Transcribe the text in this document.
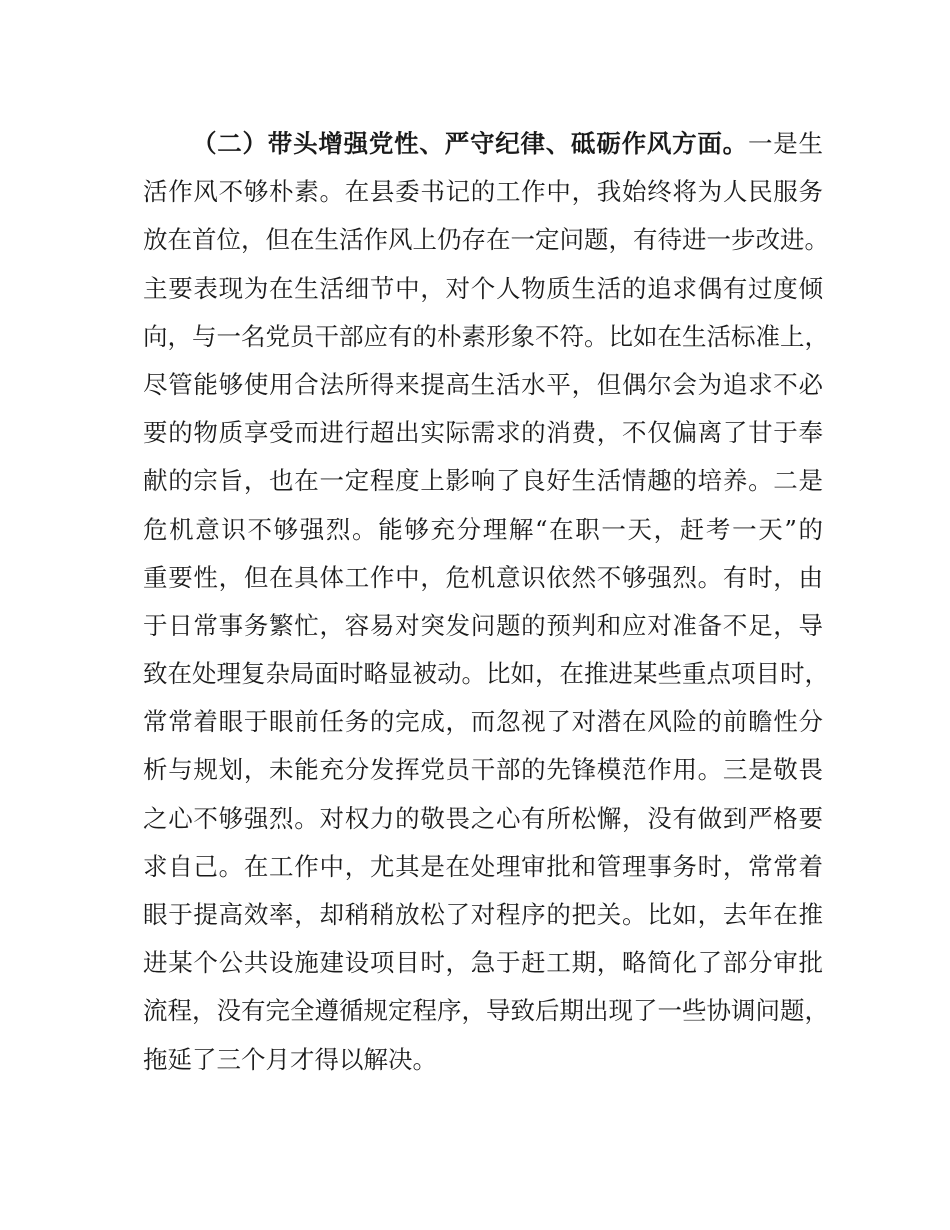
（二）带头增强党性、严守纪律、砥砺作风方面。一是生
活作风不够朴素。在县委书记的工作中，我始终将为人民服务
放在首位，但在生活作风上仍存在一定问题，有待进一步改进。
主要表现为在生活细节中，对个人物质生活的追求偶有过度倾
向，与一名党员干部应有的朴素形象不符。比如在生活标准上，
尽管能够使用合法所得来提高生活水平，但偶尔会为追求不必
要的物质享受而进行超出实际需求的消费，不仅偏离了甘于奉
献的宗旨，也在一定程度上影响了良好生活情趣的培养。二是
危机意识不够强烈。能够充分理解“在职一天，赶考一天”的
重要性，但在具体工作中，危机意识依然不够强烈。有时，由
于日常事务繁忙，容易对突发问题的预判和应对准备不足，导
致在处理复杂局面时略显被动。比如，在推进某些重点项目时，
常常着眼于眼前任务的完成，而忽视了对潜在风险的前瞻性分
析与规划，未能充分发挥党员干部的先锋模范作用。三是敬畏
之心不够强烈。对权力的敬畏之心有所松懈，没有做到严格要
求自己。在工作中，尤其是在处理审批和管理事务时，常常着
眼于提高效率，却稍稍放松了对程序的把关。比如，去年在推
进某个公共设施建设项目时，急于赶工期，略简化了部分审批
流程，没有完全遵循规定程序，导致后期出现了一些协调问题，
拖延了三个月才得以解决。
